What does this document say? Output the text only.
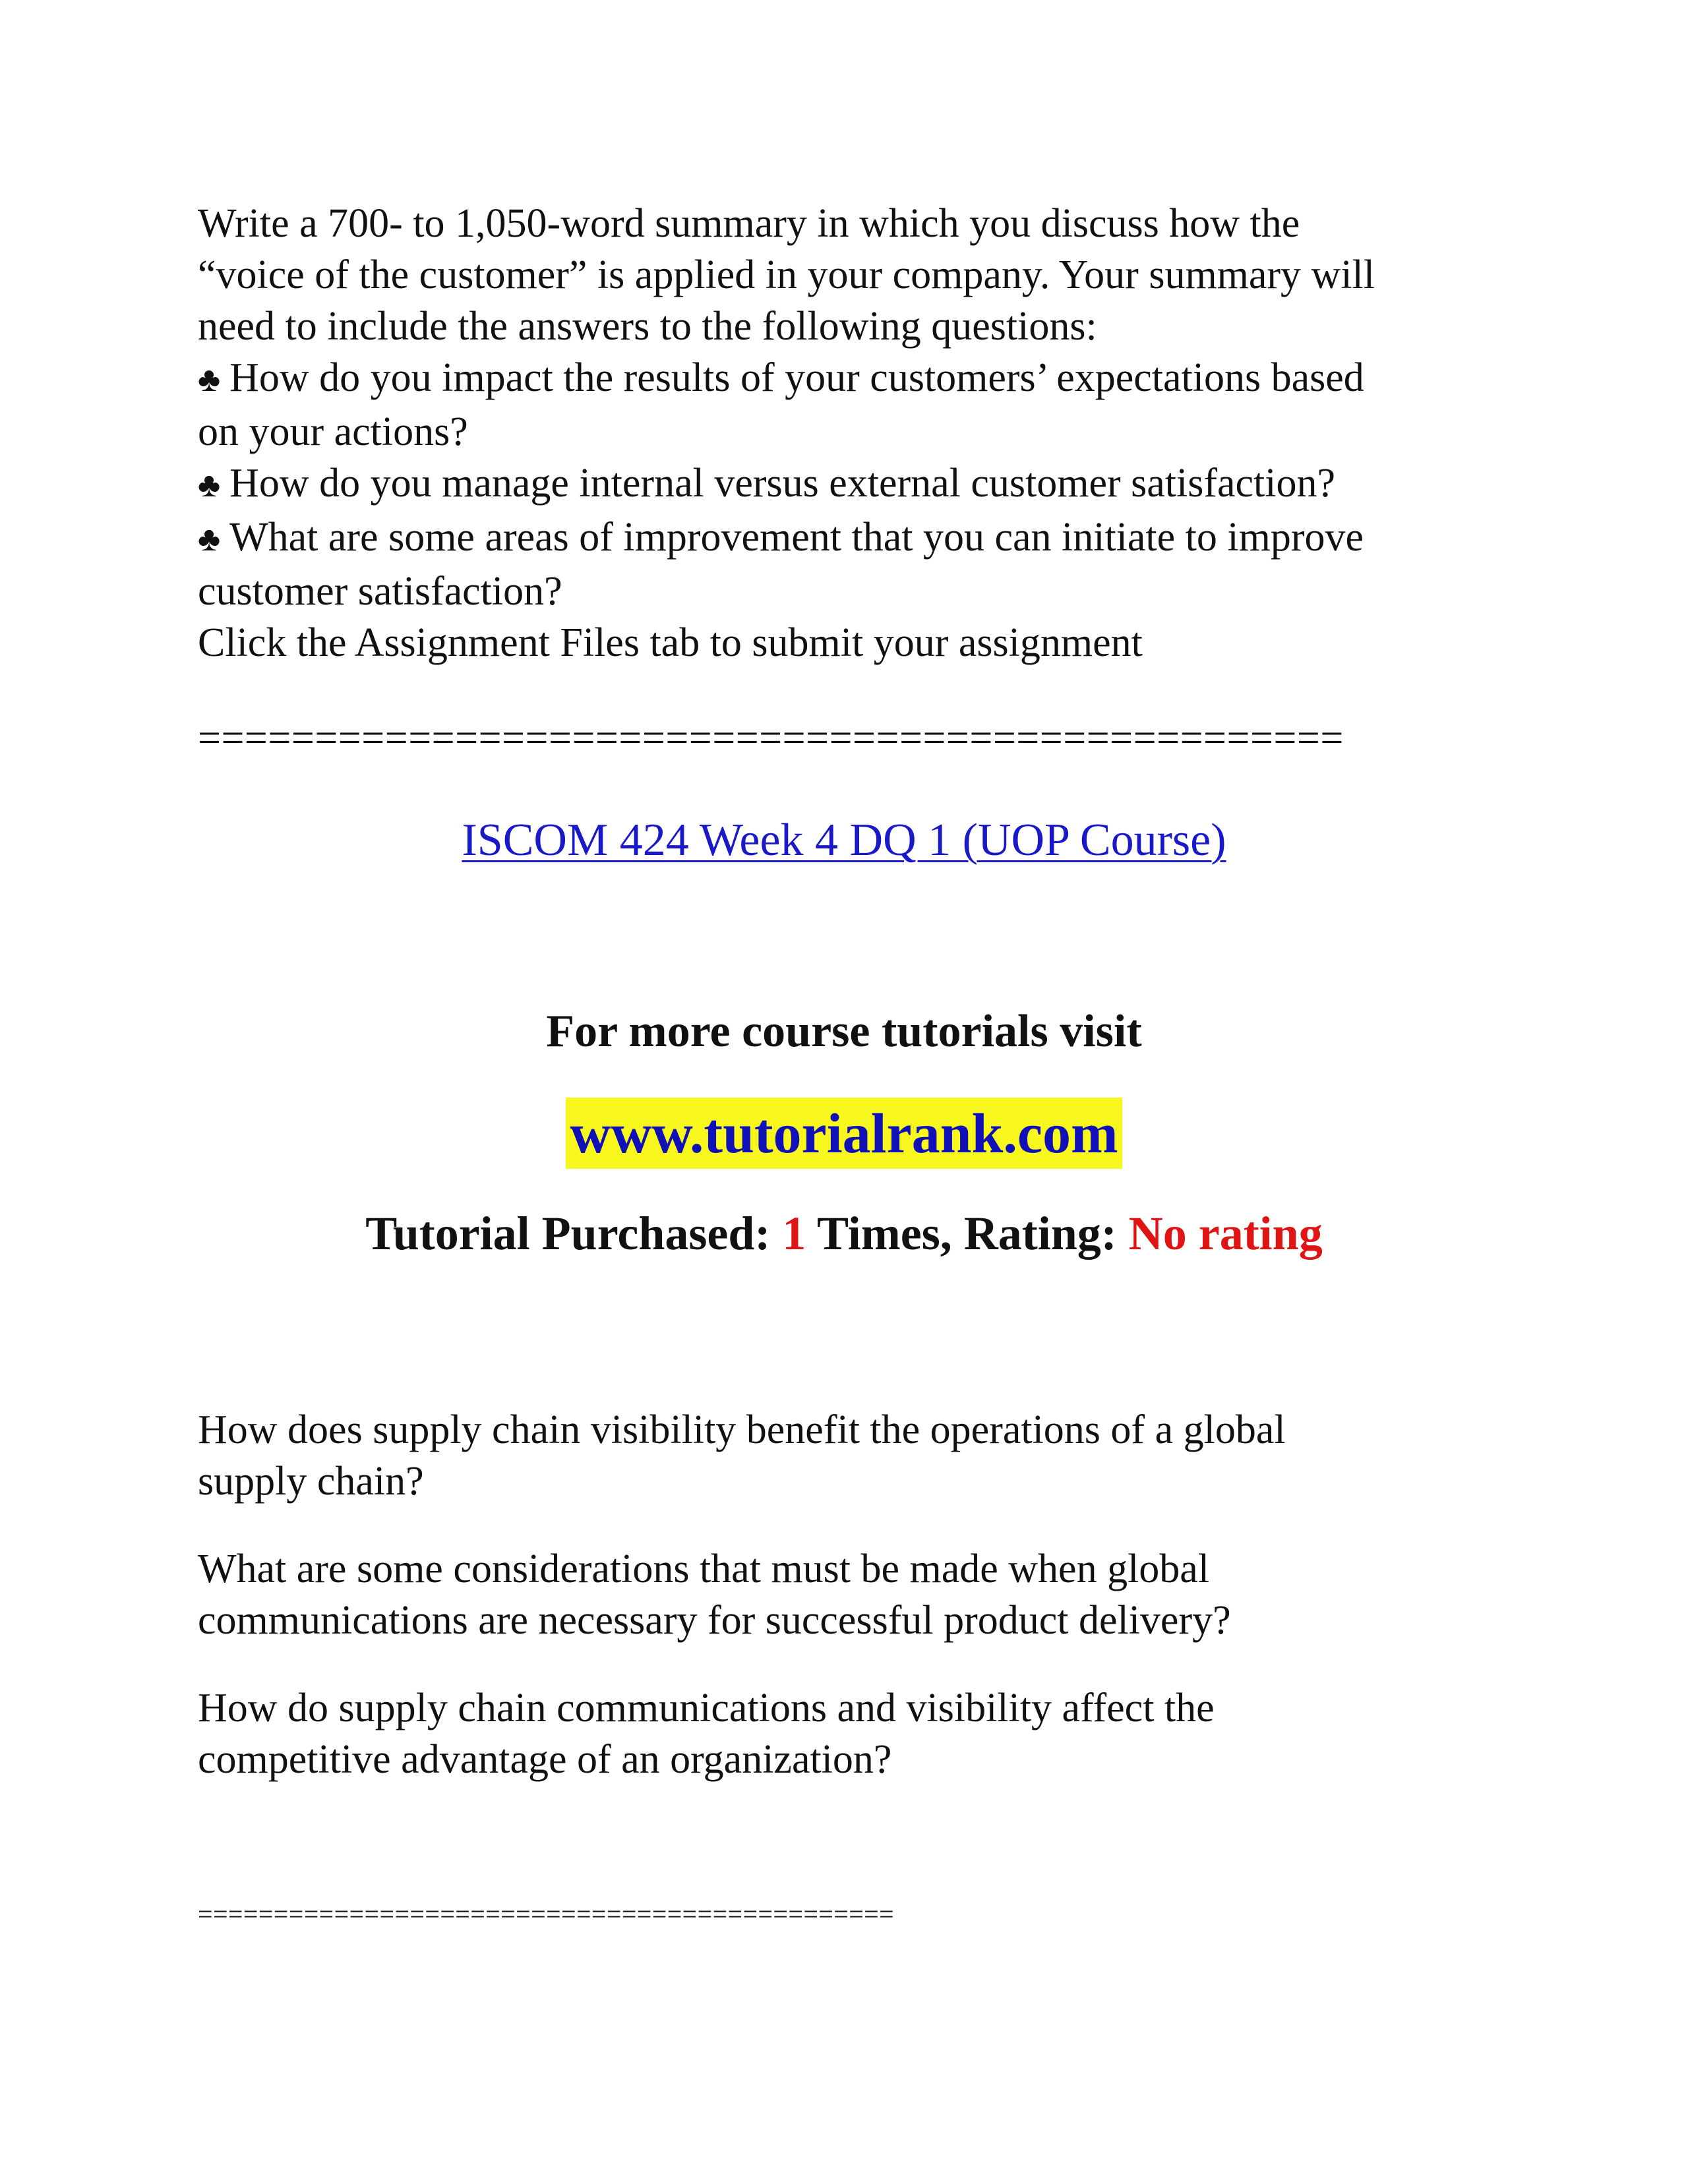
Write a 700- to 1,050-word summary in which you discuss how the
“voice of the customer” is applied in your company. Your summary will
need to include the answers to the following questions:
♣ How do you impact the results of your customers’ expectations based
on your actions?
♣ How do you manage internal versus external customer satisfaction?
♣ What are some areas of improvement that you can initiate to improve
customer satisfaction?
Click the Assignment Files tab to submit your assignment
=================================================
ISCOM 424 Week 4 DQ 1 (UOP Course)
For more course tutorials visit
www.tutorialrank.com
Tutorial Purchased: 1 Times, Rating: No rating
How does supply chain visibility benefit the operations of a global
supply chain?
What are some considerations that must be made when global
communications are necessary for successful product delivery?
How do supply chain communications and visibility affect the
competitive advantage of an organization?
==============================================
